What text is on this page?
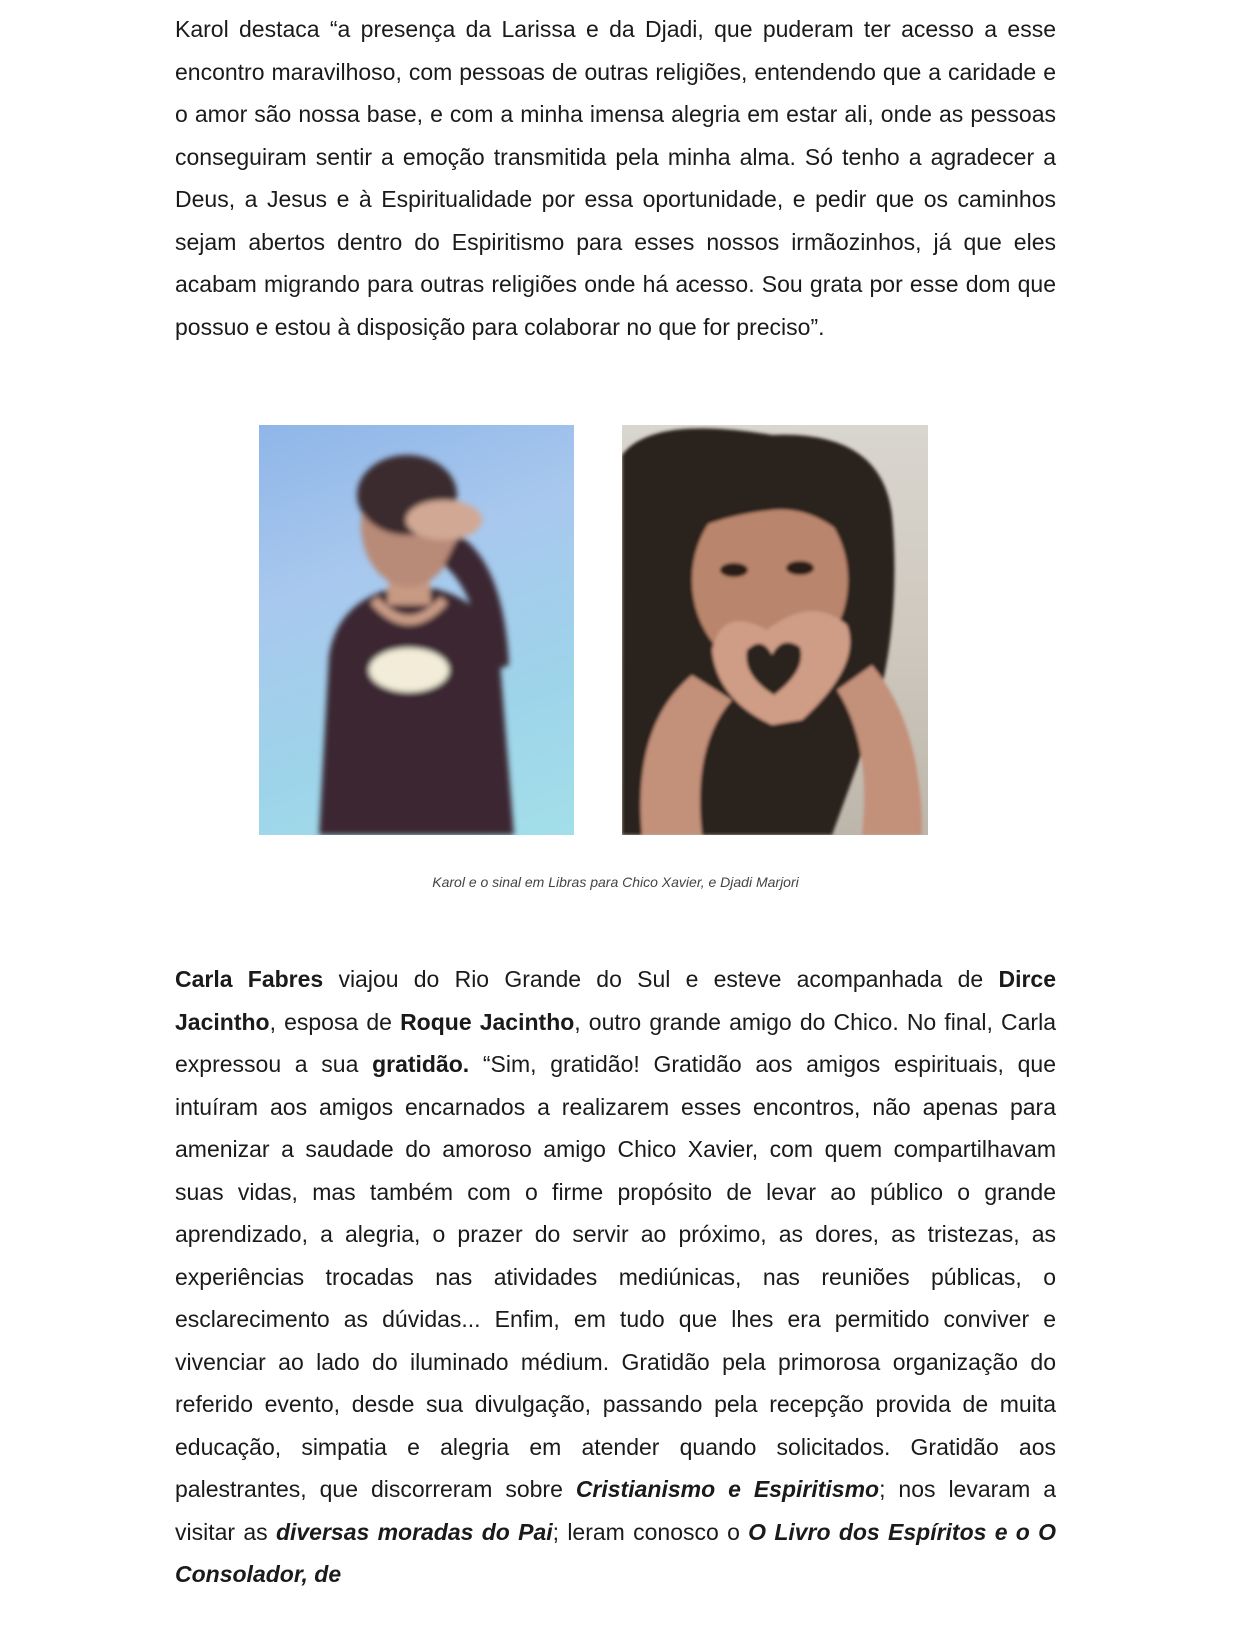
Karol destaca “a presença da Larissa e da Djadi, que puderam ter acesso a esse encontro maravilhoso, com pessoas de outras religiões, entendendo que a caridade e o amor são nossa base, e com a minha imensa alegria em estar ali, onde as pessoas conseguiram sentir a emoção transmitida pela minha alma. Só tenho a agradecer a Deus, a Jesus e à Espiritualidade por essa oportunidade, e pedir que os caminhos sejam abertos dentro do Espiritismo para esses nossos irmãozinhos, já que eles acabam migrando para outras religiões onde há acesso. Sou grata por esse dom que possuo e estou à disposição para colaborar no que for preciso”.

Karol e o sinal em Libras para Chico Xavier, e Djadi Marjori

Carla Fabres viajou do Rio Grande do Sul e esteve acompanhada de Dirce Jacintho, esposa de Roque Jacintho, outro grande amigo do Chico. No final, Carla expressou a sua gratidão. “Sim, gratidão! Gratidão aos amigos espirituais, que intuíram aos amigos encarnados a realizarem esses encontros, não apenas para amenizar a saudade do amoroso amigo Chico Xavier, com quem compartilhavam suas vidas, mas também com o firme propósito de levar ao público o grande aprendizado, a alegria, o prazer do servir ao próximo, as dores, as tristezas, as experiências trocadas nas atividades mediúnicas, nas reuniões públicas, o esclarecimento as dúvidas... Enfim, em tudo que lhes era permitido conviver e vivenciar ao lado do iluminado médium. Gratidão pela primorosa organização do referido evento, desde sua divulgação, passando pela recepção provida de muita educação, simpatia e alegria em atender quando solicitados. Gratidão aos palestrantes, que discorreram sobre Cristianismo e Espiritismo; nos levaram a visitar as diversas moradas do Pai; leram conosco o O Livro dos Espíritos e o O Consolador, de
